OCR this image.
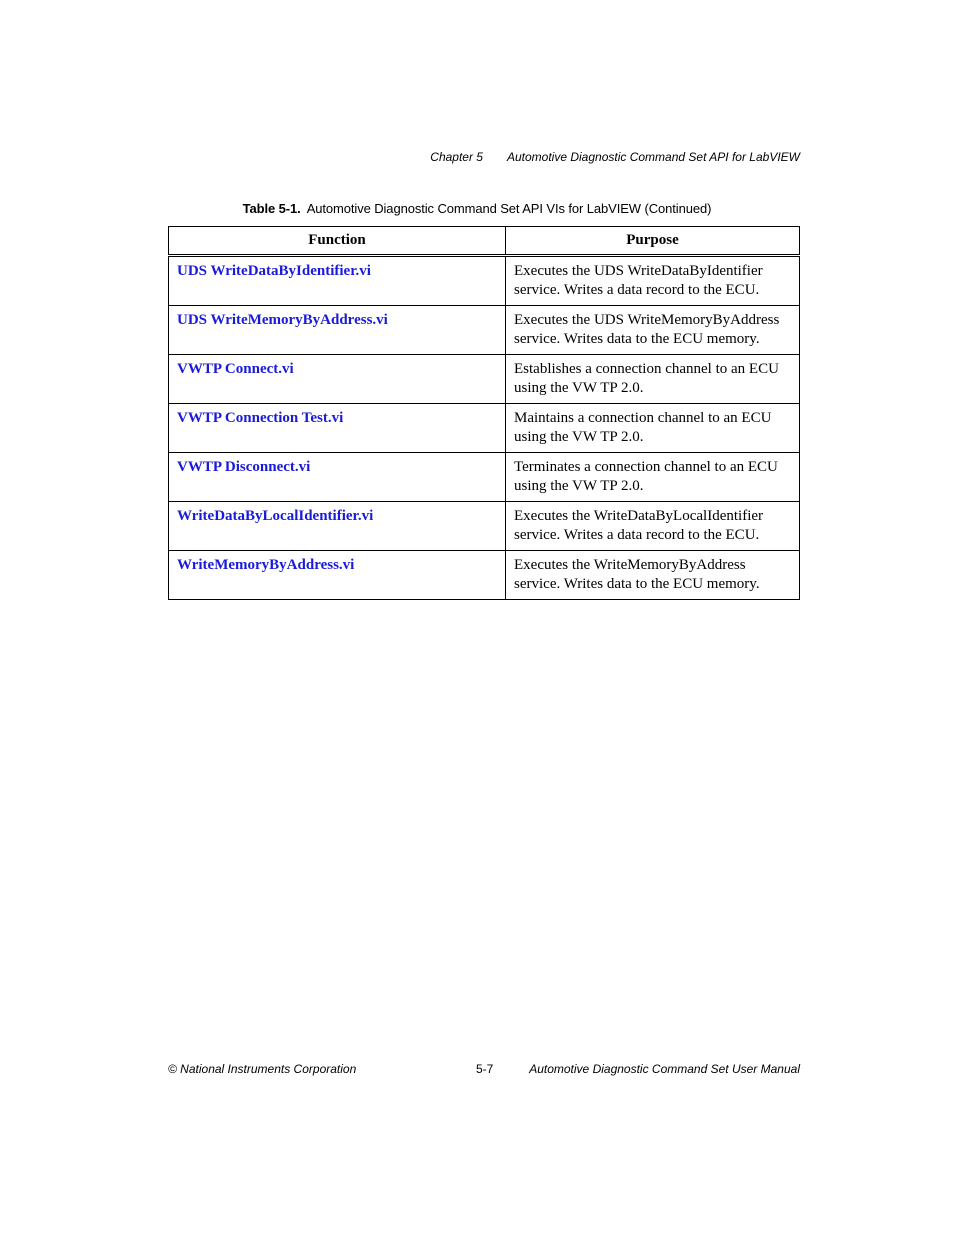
Chapter 5 Automotive Diagnostic Command Set API for LabVIEW
Table 5-1. Automotive Diagnostic Command Set API VIs for LabVIEW (Continued)
Function	Purpose
UDS WriteDataByIdentifier.vi	Executes the UDS WriteDataByIdentifier service. Writes a data record to the ECU.
UDS WriteMemoryByAddress.vi	Executes the UDS WriteMemoryByAddress service. Writes data to the ECU memory.
VWTP Connect.vi	Establishes a connection channel to an ECU using the VW TP 2.0.
VWTP Connection Test.vi	Maintains a connection channel to an ECU using the VW TP 2.0.
VWTP Disconnect.vi	Terminates a connection channel to an ECU using the VW TP 2.0.
WriteDataByLocalIdentifier.vi	Executes the WriteDataByLocalIdentifier service. Writes a data record to the ECU.
WriteMemoryByAddress.vi	Executes the WriteMemoryByAddress service. Writes data to the ECU memory.
© National Instruments Corporation	5-7	Automotive Diagnostic Command Set User Manual
